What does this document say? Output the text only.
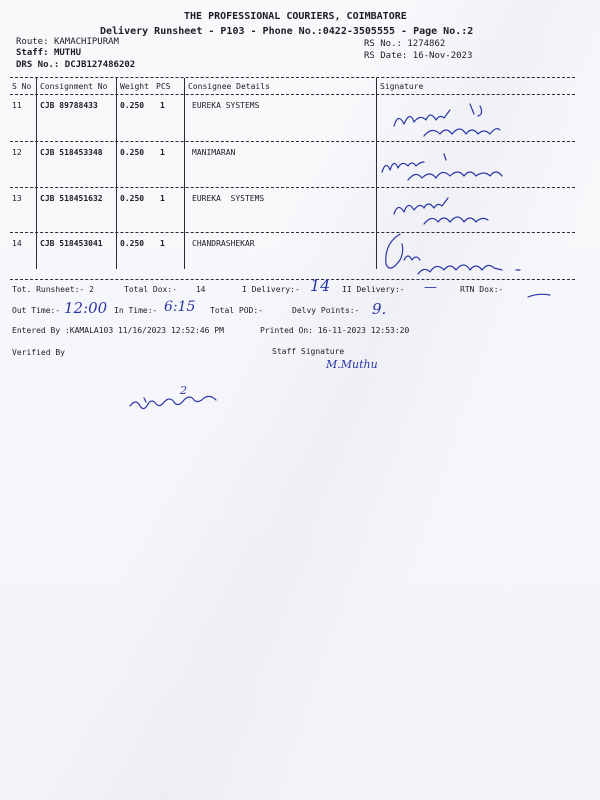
THE PROFESSIONAL COURIERS, COIMBATORE
Delivery Runsheet - P103 - Phone No.:0422-3505555 - Page No.:2
Route: KAMACHIPURAM
Staff: MUTHU
DRS No.: DCJB127486202
RS No.: 1274862
RS Date: 16-Nov-2023
S No Consignment No Weight PCS Consignee Details	Signature
11 CJB 89788433	0.250 1	EUREKA SYSTEMS
12 CJB 518453348 0.250 1	MANIMARAN
13 CJB 518451632 0.250 1	EUREKA  SYSTEMS
14 CJB 518453041 0.250 1	CHANDRASHEKAR
Tot. Runsheet:- 2	Total Dox:- 14	I Delivery:-	II Delivery:-	RTN Dox:-
14	—
Out Time:- 12:00 In Time:- 6:15 Total POD:-	Delvy Points:- 9.
Entered By :KAMALA103 11/16/2023 12:52:46 PM	Printed On: 16-11-2023 12:53:20
Verified By	Staff Signature
M.Muthu
2
